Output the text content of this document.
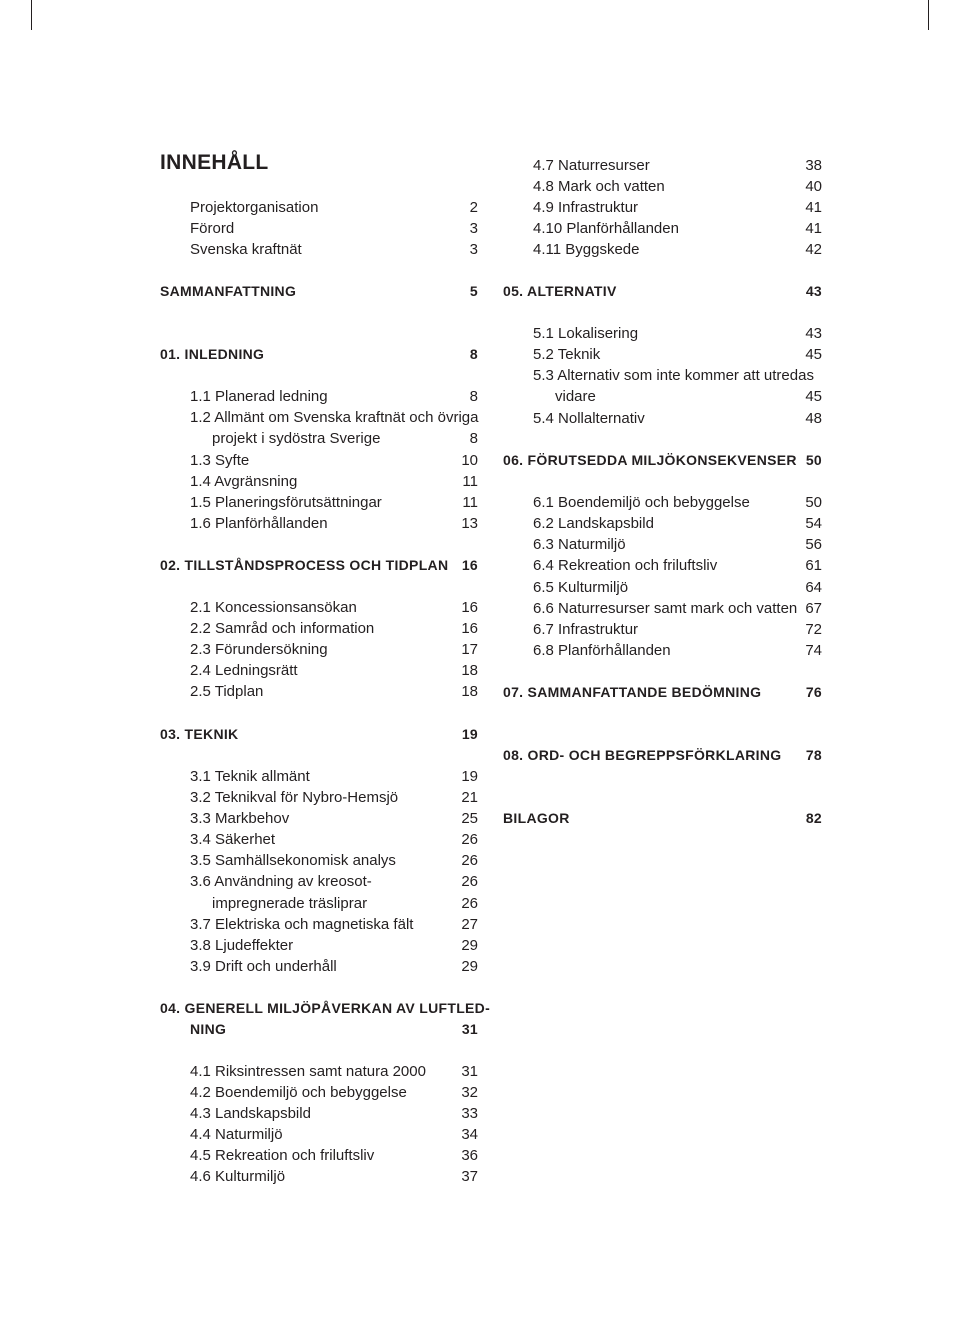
INNEHÅLL
Projektorganisation	2
Förord	3
Svenska kraftnät	3
SAMMANFATTNING	5
01. INLEDNING	8
1.1 Planerad ledning	8
1.2 Allmänt om Svenska kraftnät och övriga
projekt i sydöstra Sverige	8
1.3 Syfte	10
1.4 Avgränsning	11
1.5 Planeringsförutsättningar	11
1.6 Planförhållanden	13
02. TILLSTÅNDSPROCESS OCH TIDPLAN 16
2.1 Koncessionsansökan	16
2.2 Samråd och information	16
2.3 Förundersökning	17
2.4 Ledningsrätt	18
2.5 Tidplan	18
03. TEKNIK	19
3.1 Teknik allmänt	19
3.2 Teknikval för Nybro-Hemsjö	21
3.3 Markbehov	25
3.4 Säkerhet	26
3.5 Samhällsekonomisk analys	26
3.6 Användning av kreosot-	26
impregnerade träsliprar	26
3.7 Elektriska och magnetiska fält	27
3.8 Ljudeffekter	29
3.9 Drift och underhåll	29
04. GENERELL MILJÖPÅVERKAN AV LUFTLED-
NING	31
4.1 Riksintressen samt natura 2000 31
4.2 Boendemiljö och bebyggelse	32
4.3 Landskapsbild	33
4.4 Naturmiljö	34
4.5 Rekreation och friluftsliv	36
4.6 Kulturmiljö	37
4.7 Naturresurser	38
4.8 Mark och vatten	40
4.9 Infrastruktur	41
4.10 Planförhållanden	41
4.11 Byggskede	42
05. ALTERNATIV	43
5.1 Lokalisering	43
5.2 Teknik	45
5.3 Alternativ som inte kommer att utredas
vidare	45
5.4 Nollalternativ	48
06. FÖRUTSEDDA MILJÖKONSEKVENSER 50
6.1 Boendemiljö och bebyggelse	50
6.2 Landskapsbild	54
6.3 Naturmiljö	56
6.4 Rekreation och friluftsliv	61
6.5 Kulturmiljö	64
6.6 Naturresurser samt mark och vatten 67
6.7 Infrastruktur	72
6.8 Planförhållanden	74
07. SAMMANFATTANDE BEDÖMNING	76
08. ORD- OCH BEGREPPSFÖRKLARING 78
BILAGOR	82
